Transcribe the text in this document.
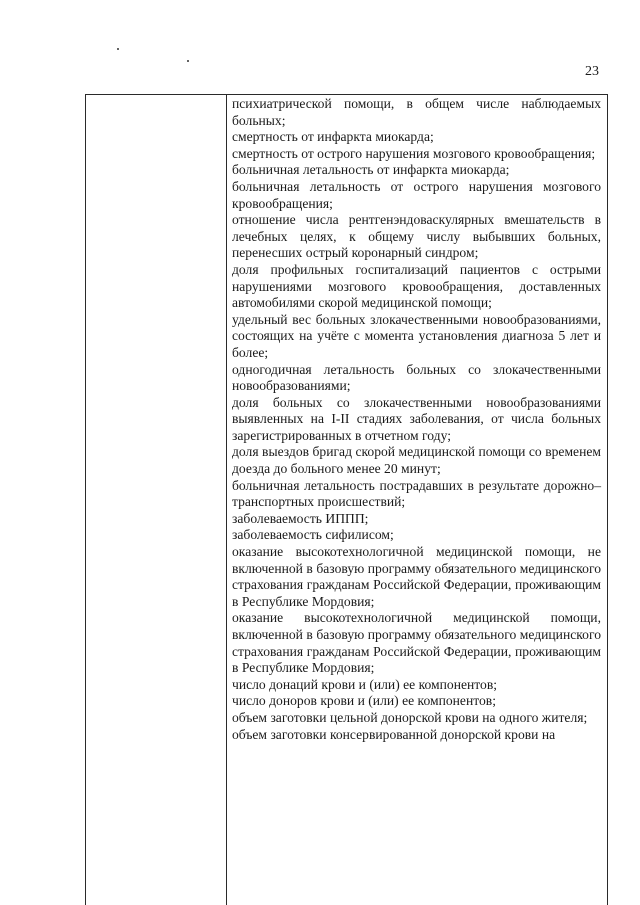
23

психиатрической помощи, в общем числе наблюдаемых больных;

смертность от инфаркта миокарда;

смертность от острого нарушения мозгового кровообращения;

больничная летальность от инфаркта миокарда;

больничная летальность от острого нарушения мозгового кровообращения;

отношение числа рентгенэндоваскулярных вмешательств в лечебных целях, к общему числу выбывших больных, перенесших острый коронарный синдром;

доля профильных госпитализаций пациентов с острыми нарушениями мозгового кровообращения, доставленных автомобилями скорой медицинской помощи;

удельный вес больных злокачественными новообразованиями, состоящих на учёте с момента установления диагноза 5 лет и более;

одногодичная летальность больных со злокачественными новообразованиями;

доля больных со злокачественными новообразованиями выявленных на I-II стадиях заболевания, от числа больных зарегистрированных в отчетном году;

доля выездов бригад скорой медицинской помощи со временем доезда до больного менее 20 минут;

больничная летальность пострадавших в результате дорожно–транспортных происшествий;

заболеваемость ИППП;

заболеваемость сифилисом;

оказание высокотехнологичной медицинской помощи, не включенной в базовую программу обязательного медицинского страхования гражданам Российской Федерации, проживающим в Республике Мордовия;

оказание высокотехнологичной медицинской помощи, включенной в базовую программу обязательного медицинского страхования гражданам Российской Федерации, проживающим в Республике Мордовия;

число донаций крови и (или) ее компонентов;

число доноров крови и (или) ее компонентов;

объем заготовки цельной донорской крови на одного жителя;

объем заготовки консервированной донорской крови на
